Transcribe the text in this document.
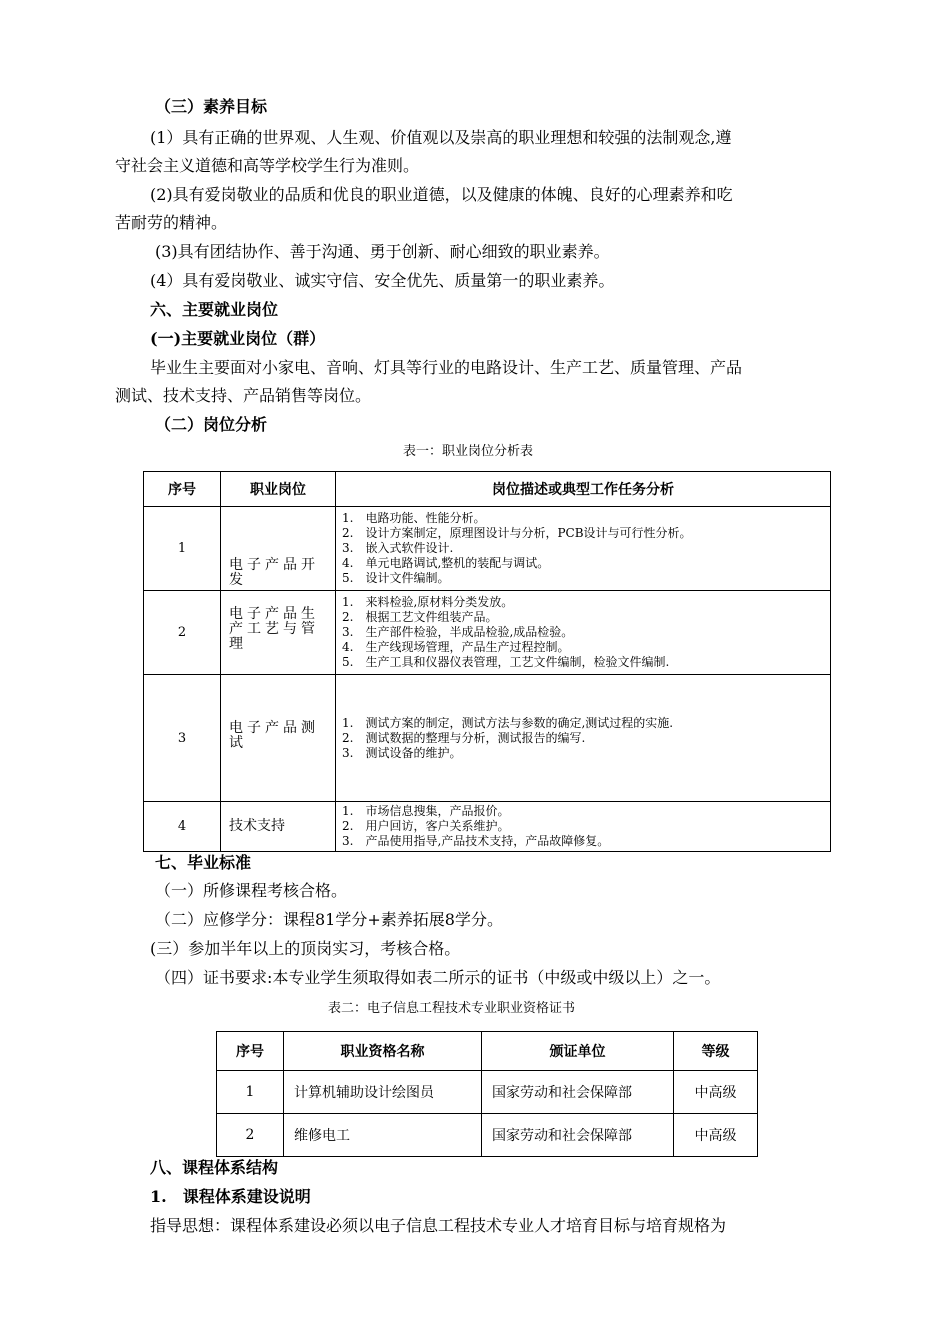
（三）素养目标
(1）具有正确的世界观、人生观、价值观以及崇高的职业理想和较强的法制观念,遵
守社会主义道德和高等学校学生行为准则。
(2)具有爱岗敬业的品质和优良的职业道德，以及健康的体魄、良好的心理素养和吃
苦耐劳的精神。
(3)具有团结协作、善于沟通、勇于创新、耐心细致的职业素养。
(4）具有爱岗敬业、诚实守信、安全优先、质量第一的职业素养。
六、主要就业岗位
(一)主要就业岗位（群）
毕业生主要面对小家电、音响、灯具等行业的电路设计、生产工艺、质量管理、产品
测试、技术支持、产品销售等岗位。
（二）岗位分析
表一：职业岗位分析表
序号	职业岗位	岗位描述或典型工作任务分析
1	电子产品开发	1.　电路功能、性能分析。
2.　设计方案制定，原理图设计与分析，PCB设计与可行性分析。
3.　嵌入式软件设计.
4.　单元电路调试,整机的装配与调试。
5.　设计文件编制。

2	电子产品生产工艺与管理	1.　来料检验,原材料分类发放。
2.　根据工艺文件组装产品。
3.　生产部件检验，半成品检验,成品检验。
4.　生产线现场管理，产品生产过程控制。
5.　生产工具和仪器仪表管理，工艺文件编制，检验文件编制.

3	电子产品测试	1.　测试方案的制定，测试方法与参数的确定,测试过程的实施.
2.　测试数据的整理与分析，测试报告的编写.
3.　测试设备的维护。

4	技术支持	1.　市场信息搜集，产品报价。
2.　用户回访，客户关系维护。
3.　产品使用指导,产品技术支持，产品故障修复。
七、毕业标准
（一）所修课程考核合格。
（二）应修学分：课程81学分+素养拓展8学分。
(三）参加半年以上的顶岗实习，考核合格。
（四）证书要求:本专业学生须取得如表二所示的证书（中级或中级以上）之一。
表二：电子信息工程技术专业职业资格证书
序号	职业资格名称	颁证单位	等级
1	计算机辅助设计绘图员	国家劳动和社会保障部	中高级
2	维修电工	国家劳动和社会保障部	中高级
八、课程体系结构
1.　课程体系建设说明
指导思想：课程体系建设必须以电子信息工程技术专业人才培育目标与培育规格为
